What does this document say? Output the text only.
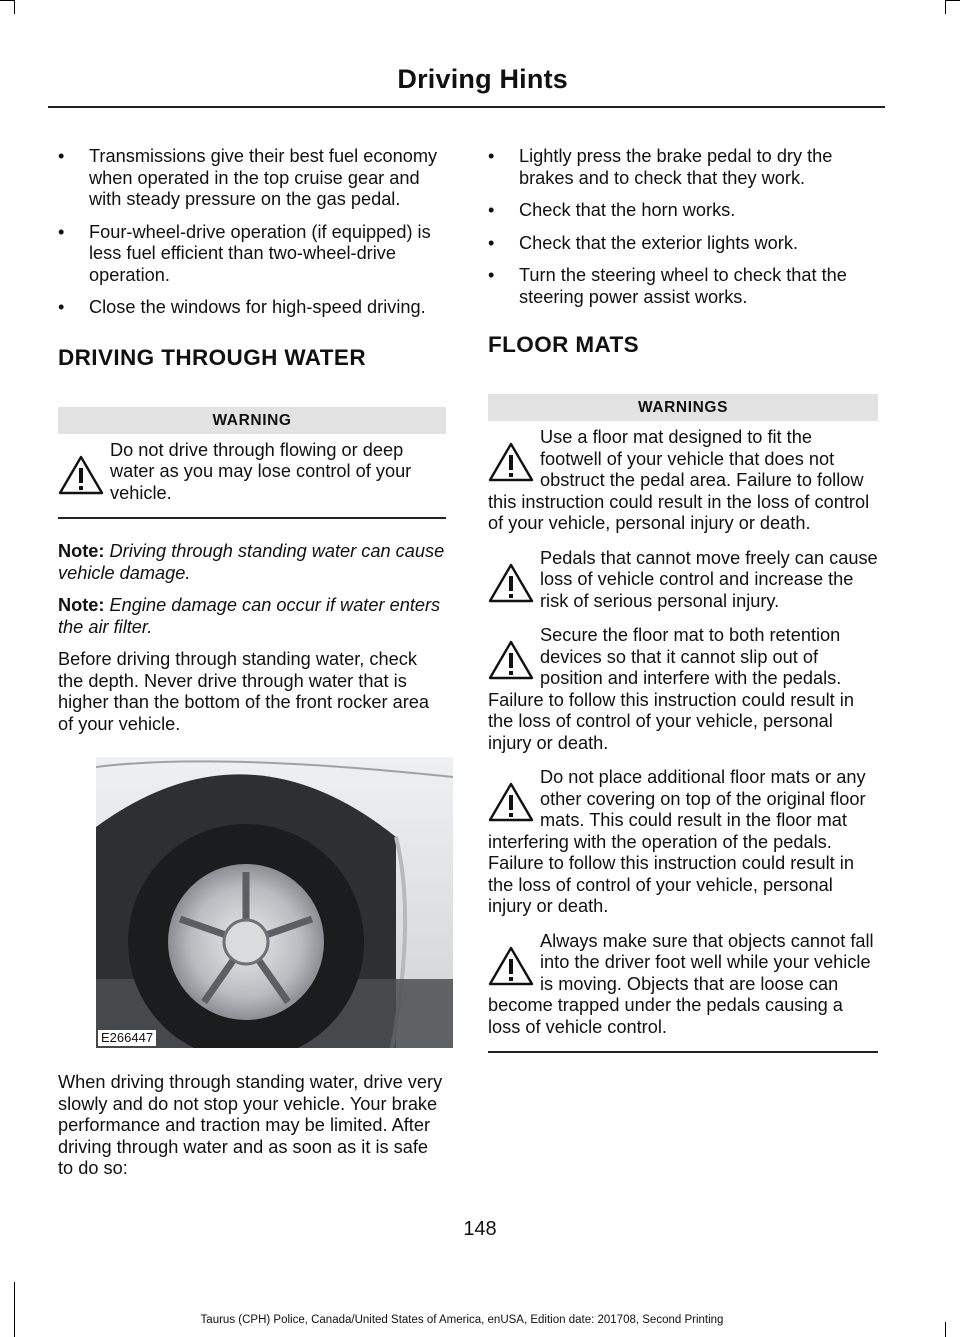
Driving Hints
• Transmissions give their best fuel economy when operated in the top cruise gear and with steady pressure on the gas pedal.
• Four-wheel-drive operation (if equipped) is less fuel efficient than two-wheel-drive operation.
• Close the windows for high-speed driving.
DRIVING THROUGH WATER
WARNING
Do not drive through flowing or deep water as you may lose control of your vehicle.

Note: Driving through standing water can cause vehicle damage.

Note: Engine damage can occur if water enters the air filter.

Before driving through standing water, check the depth. Never drive through water that is higher than the bottom of the front rocker area of your vehicle.

E266447

When driving through standing water, drive very slowly and do not stop your vehicle. Your brake performance and traction may be limited. After driving through water and as soon as it is safe to do so:

• Lightly press the brake pedal to dry the brakes and to check that they work.
• Check that the horn works.
• Check that the exterior lights work.
• Turn the steering wheel to check that the steering power assist works.
FLOOR MATS
WARNINGS
Use a floor mat designed to fit the footwell of your vehicle that does not obstruct the pedal area. Failure to follow this instruction could result in the loss of control of your vehicle, personal injury or death.
Pedals that cannot move freely can cause loss of vehicle control and increase the risk of serious personal injury.
Secure the floor mat to both retention devices so that it cannot slip out of position and interfere with the pedals. Failure to follow this instruction could result in the loss of control of your vehicle, personal injury or death.
Do not place additional floor mats or any other covering on top of the original floor mats. This could result in the floor mat interfering with the operation of the pedals. Failure to follow this instruction could result in the loss of control of your vehicle, personal injury or death.
Always make sure that objects cannot fall into the driver foot well while your vehicle is moving. Objects that are loose can become trapped under the pedals causing a loss of vehicle control.
148
Taurus (CPH) Police, Canada/United States of America, enUSA, Edition date: 201708, Second Printing
